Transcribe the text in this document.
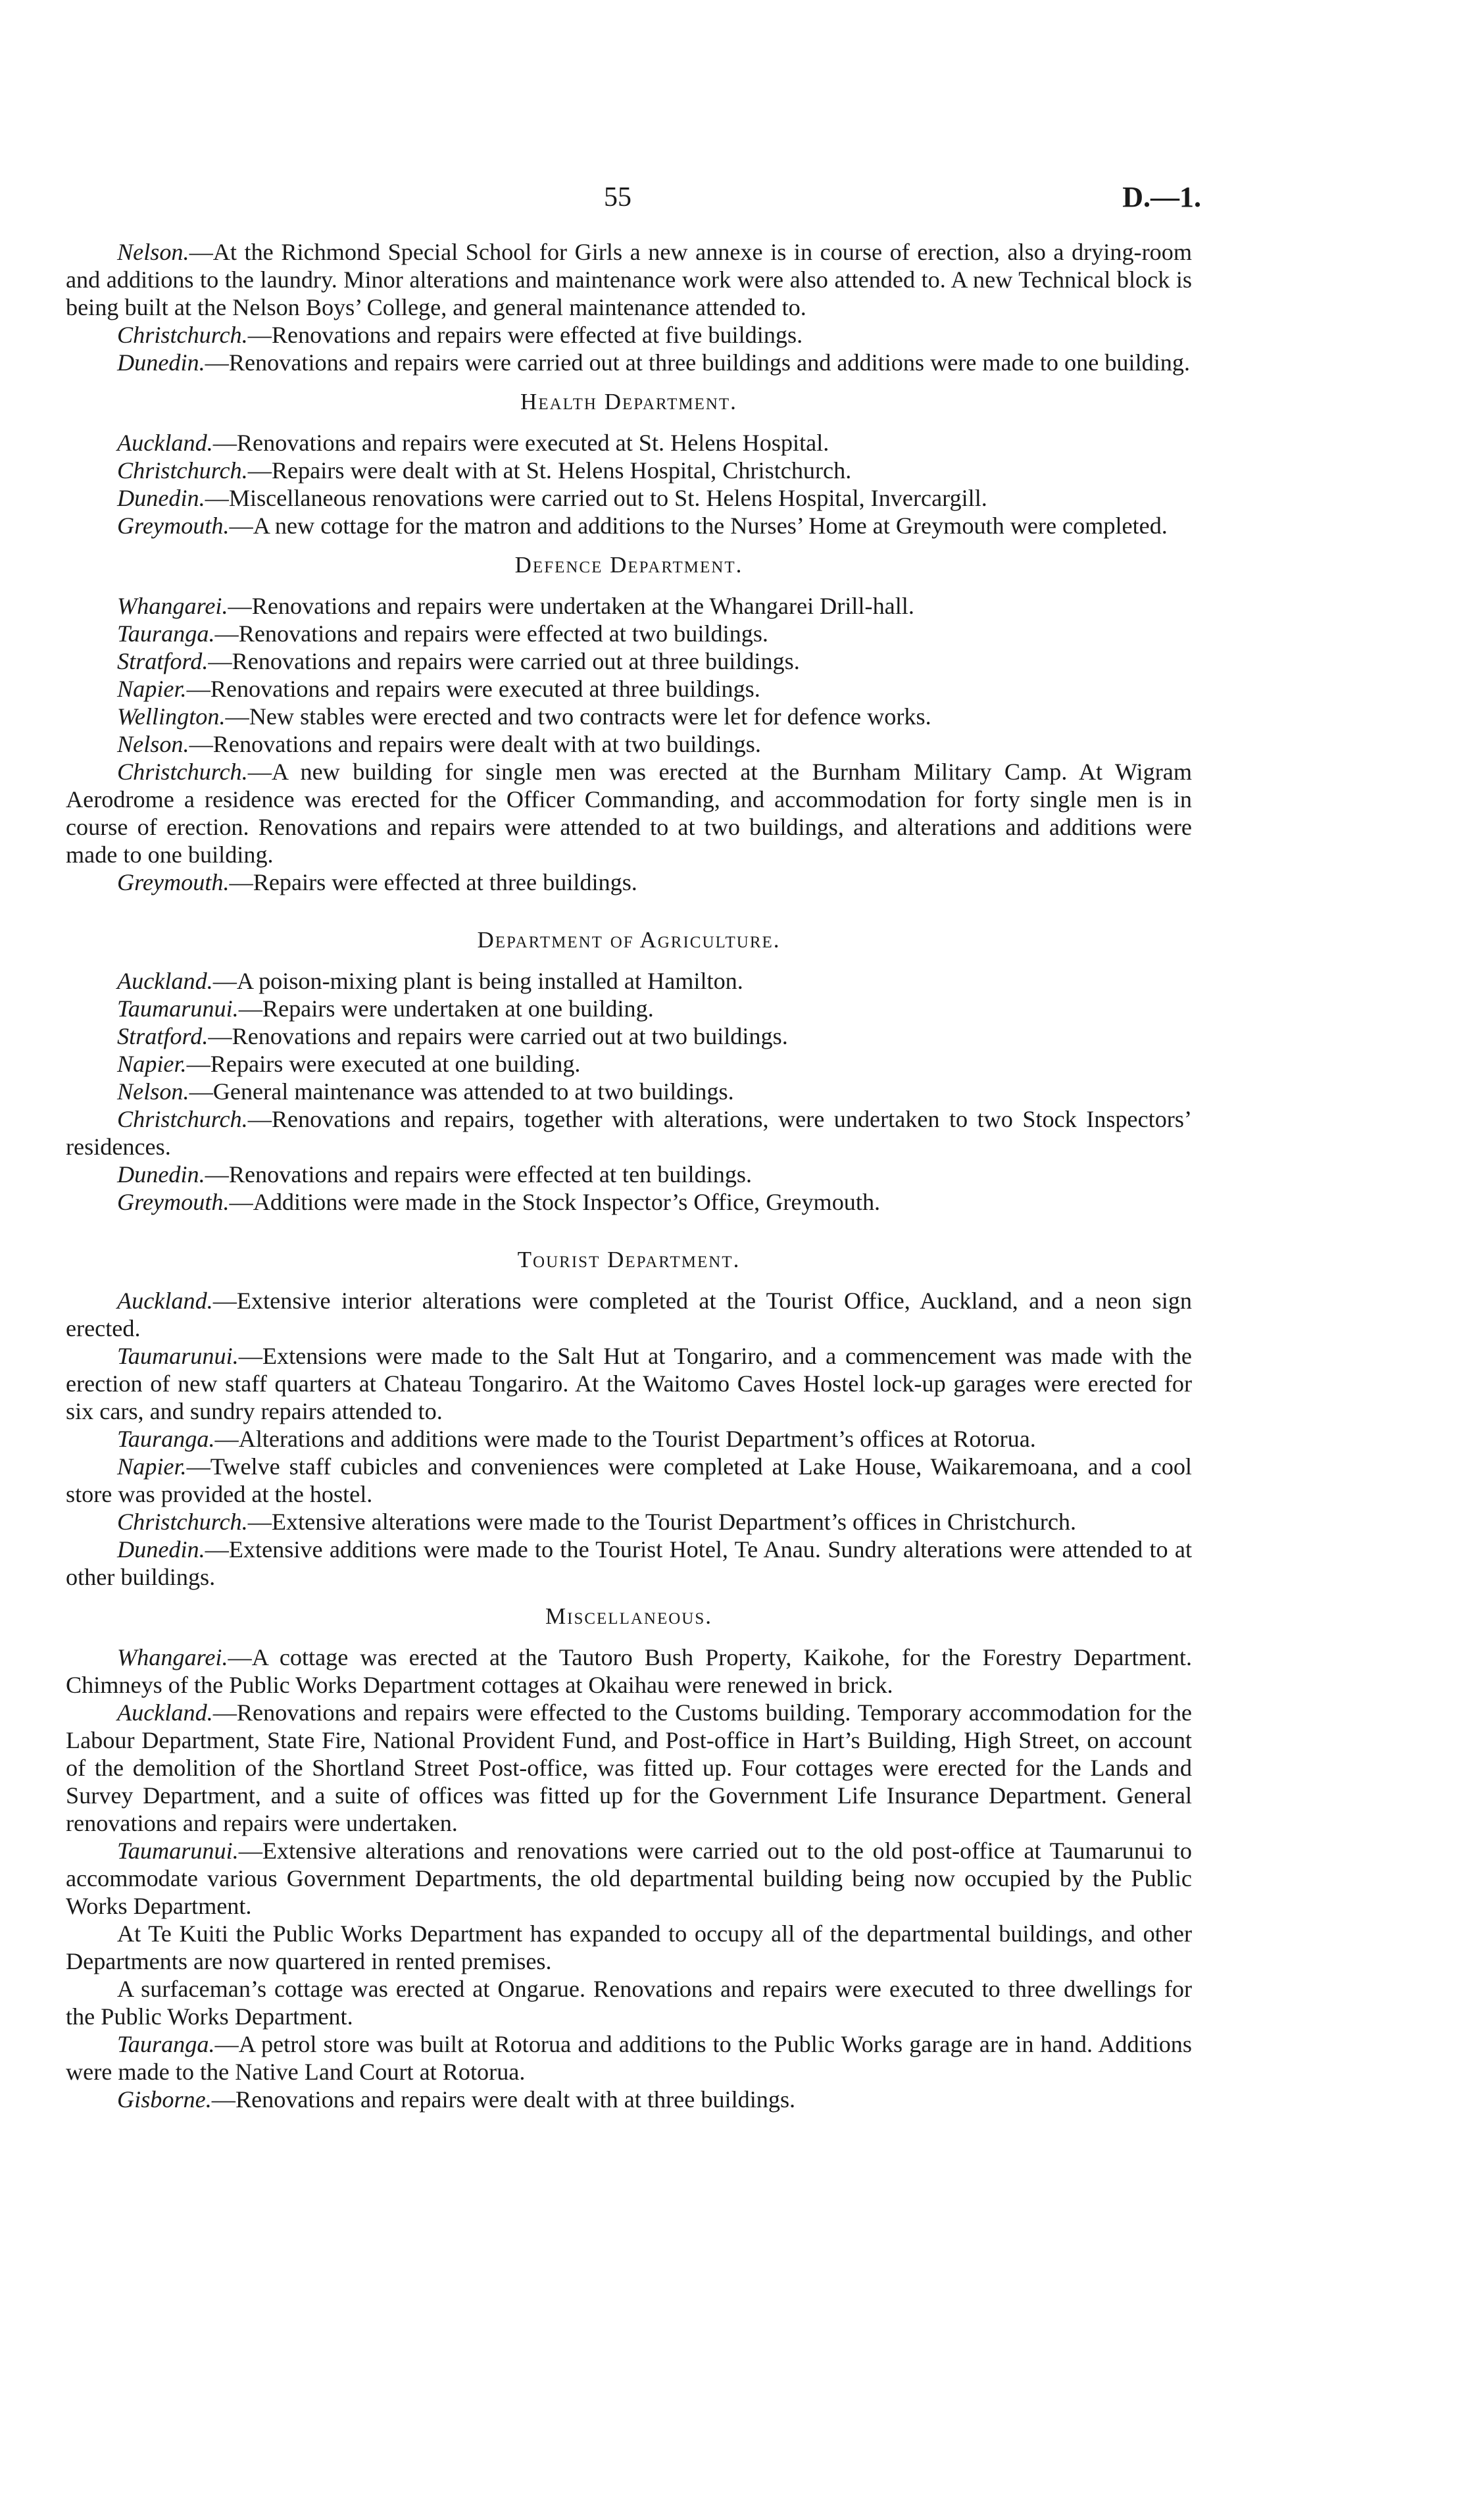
55	D.—1.

Nelson.—At the Richmond Special School for Girls a new annexe is in course of erection, also a drying-room and additions to the laundry. Minor alterations and maintenance work were also attended to. A new Technical block is being built at the Nelson Boys’ College, and general maintenance attended to.

Christchurch.—Renovations and repairs were effected at five buildings.

Dunedin.—Renovations and repairs were carried out at three buildings and additions were made to one building.

Health Department.

Auckland.—Renovations and repairs were executed at St. Helens Hospital.

Christchurch.—Repairs were dealt with at St. Helens Hospital, Christchurch.

Dunedin.—Miscellaneous renovations were carried out to St. Helens Hospital, Invercargill.

Greymouth.—A new cottage for the matron and additions to the Nurses’ Home at Greymouth were completed.

Defence Department.

Whangarei.—Renovations and repairs were undertaken at the Whangarei Drill-hall.

Tauranga.—Renovations and repairs were effected at two buildings.

Stratford.—Renovations and repairs were carried out at three buildings.

Napier.—Renovations and repairs were executed at three buildings.

Wellington.—New stables were erected and two contracts were let for defence works.

Nelson.—Renovations and repairs were dealt with at two buildings.

Christchurch.—A new building for single men was erected at the Burnham Military Camp. At Wigram Aerodrome a residence was erected for the Officer Commanding, and accommodation for forty single men is in course of erection. Renovations and repairs were attended to at two buildings, and alterations and additions were made to one building.

Greymouth.—Repairs were effected at three buildings.

Department of Agriculture.

Auckland.—A poison-mixing plant is being installed at Hamilton.

Taumarunui.—Repairs were undertaken at one building.

Stratford.—Renovations and repairs were carried out at two buildings.

Napier.—Repairs were executed at one building.

Nelson.—General maintenance was attended to at two buildings.

Christchurch.—Renovations and repairs, together with alterations, were undertaken to two Stock Inspectors’ residences.

Dunedin.—Renovations and repairs were effected at ten buildings.

Greymouth.—Additions were made in the Stock Inspector’s Office, Greymouth.

Tourist Department.

Auckland.—Extensive interior alterations were completed at the Tourist Office, Auckland, and a neon sign erected.

Taumarunui.—Extensions were made to the Salt Hut at Tongariro, and a commencement was made with the erection of new staff quarters at Chateau Tongariro. At the Waitomo Caves Hostel lock-up garages were erected for six cars, and sundry repairs attended to.

Tauranga.—Alterations and additions were made to the Tourist Department’s offices at Rotorua.

Napier.—Twelve staff cubicles and conveniences were completed at Lake House, Waikaremoana, and a cool store was provided at the hostel.

Christchurch.—Extensive alterations were made to the Tourist Department’s offices in Christchurch.

Dunedin.—Extensive additions were made to the Tourist Hotel, Te Anau. Sundry alterations were attended to at other buildings.

Miscellaneous.

Whangarei.—A cottage was erected at the Tautoro Bush Property, Kaikohe, for the Forestry Department. Chimneys of the Public Works Department cottages at Okaihau were renewed in brick.

Auckland.—Renovations and repairs were effected to the Customs building. Temporary accommodation for the Labour Department, State Fire, National Provident Fund, and Post-office in Hart’s Building, High Street, on account of the demolition of the Shortland Street Post-office, was fitted up. Four cottages were erected for the Lands and Survey Department, and a suite of offices was fitted up for the Government Life Insurance Department. General renovations and repairs were undertaken.

Taumarunui.—Extensive alterations and renovations were carried out to the old post-office at Taumarunui to accommodate various Government Departments, the old departmental building being now occupied by the Public Works Department.

At Te Kuiti the Public Works Department has expanded to occupy all of the departmental buildings, and other Departments are now quartered in rented premises.

A surfaceman’s cottage was erected at Ongarue. Renovations and repairs were executed to three dwellings for the Public Works Department.

Tauranga.—A petrol store was built at Rotorua and additions to the Public Works garage are in hand. Additions were made to the Native Land Court at Rotorua.

Gisborne.—Renovations and repairs were dealt with at three buildings.
